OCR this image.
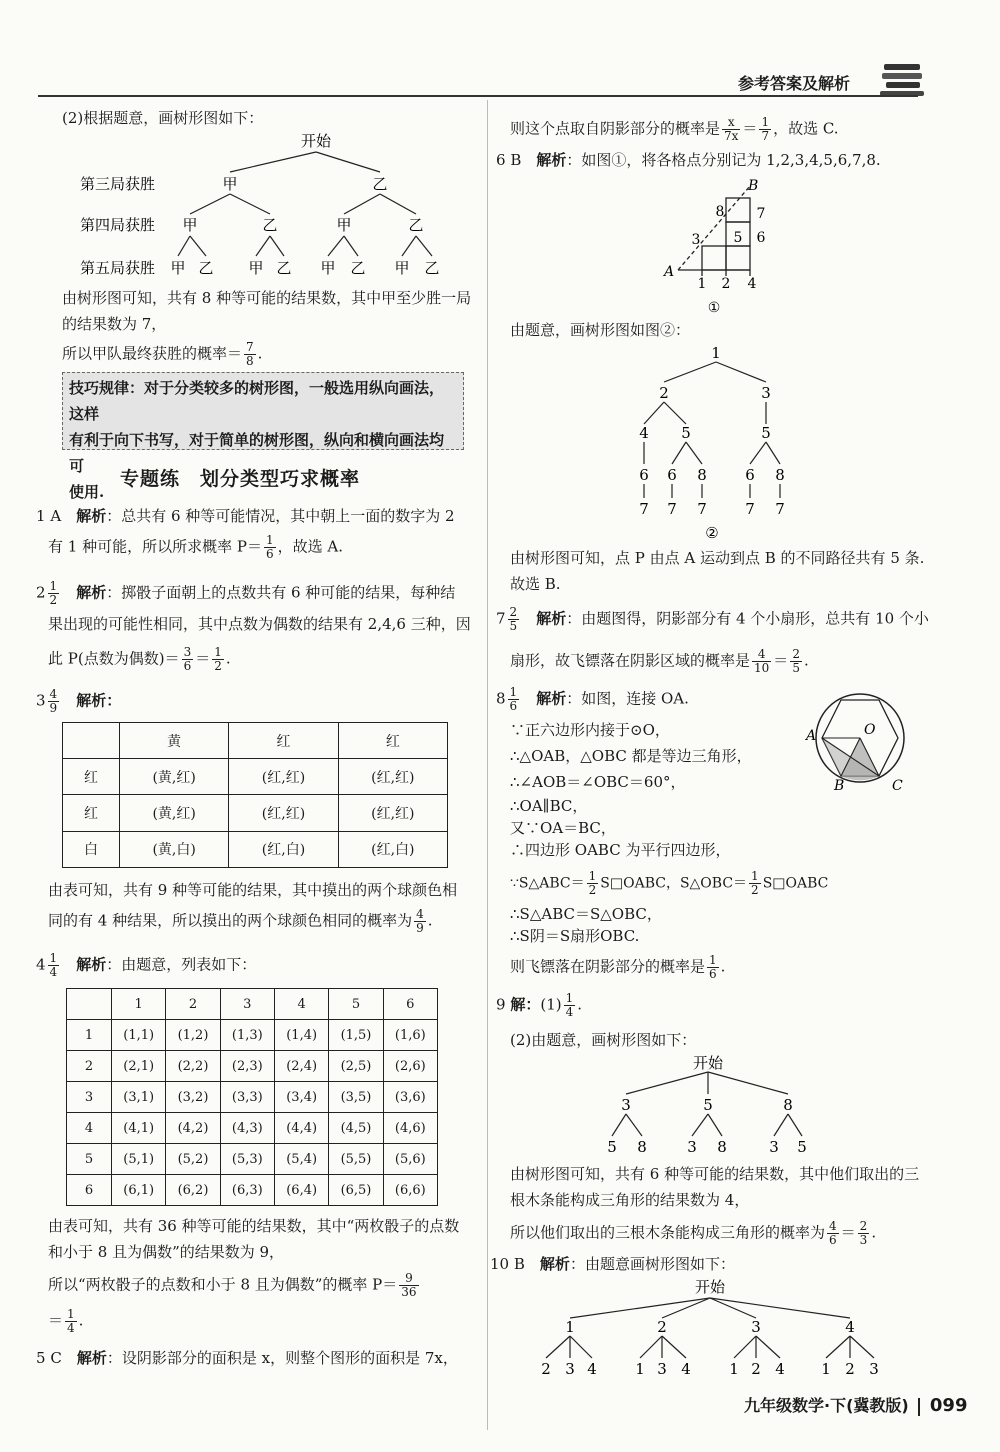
参考答案及解析
(2)根据题意，画树形图如下：
开始
第三局获胜
第四局获胜
第五局获胜
甲	乙
甲	乙	甲	乙
甲 乙 甲 乙 甲 乙 甲 乙
由树形图可知，共有 8 种等可能的结果数，其中甲至少胜一局
的结果数为 7，
所以甲队最终获胜的概率＝ $\frac{7}{8}$ .
技巧规律：对于分类较多的树形图，一般选用纵向画法，这样
有利于向下书写，对于简单的树形图，纵向和横向画法均可
使用.
专题练　划分类型巧求概率
1 A　 解析：总共有 6 种等可能情况，其中朝上一面的数字为 2
有 1 种可能，所以所求概率 $P= \frac{1}{6}$ ，故选 A.
$2 \frac{1}{2}$
　 解析：掷骰子面朝上的点数共有 6 种可能的结果，每种结
果出现的可能性相同，其中点数为偶数的结果有 2,4,6 三种，因
此 P(点数为偶数)＝ $\frac{3}{6} = \frac{1}{2}$ .
$3 \frac{4}{9}$
　 解析：
	黄	红	红
红	(黄,红)	(红,红)	(红,红)
红	(黄,红)	(红,红)	(红,红)
白	(黄,白)	(红,白)	(红,白)
由表可知，共有 9 种等可能的结果，其中摸出的两个球颜色相
同的有 4 种结果，所以摸出的两个球颜色相同的概率为 $\frac{4}{9}$ .
$4 \frac{1}{4}$
　 解析：由题意，列表如下：
	1	2	3	4	5	6
1	(1,1)	(1,2)	(1,3)	(1,4)	(1,5)	(1,6)
2	(2,1)	(2,2)	(2,3)	(2,4)	(2,5)	(2,6)
3	(3,1)	(3,2)	(3,3)	(3,4)	(3,5)	(3,6)
4	(4,1)	(4,2)	(4,3)	(4,4)	(4,5)	(4,6)
5	(5,1)	(5,2)	(5,3)	(5,4)	(5,5)	(5,6)
6	(6,1)	(6,2)	(6,3)	(6,4)	(6,5)	(6,6)
由表可知，共有 36 种等可能的结果数，其中“两枚骰子的点数
和小于 8 且为偶数”的结果数为 9，
所以“两枚骰子的点数和小于 8 且为偶数”的概率 $P= \frac{9}{36}$
＝ $\frac{1}{4}$ .
5 C　 解析：设阴影部分的面积是 x，则整个图形的面积是 7x，
则这个点取自阴影部分的概率是 $\frac{x}{7x} = \frac{1}{7}$ ，故选 C.
6 B　 解析：如图①，将各格点分别记为 1,2,3,4,5,6,7,8.
A
B
1 2
3
4
5 6
7
8
①
由题意，画树形图如图②：
1
2	3
4 5	5
6 6 8	6 8
7 7 7	7 7
②
由树形图可知，点 P 由点 A 运动到点 B 的不同路径共有 5 条.
故选 B.
$7 \frac{2}{5}$
　 解析：由题图得，阴影部分有 4 个小扇形，总共有 10 个小
扇形，故飞镖落在阴影区域的概率是 $\frac{4}{10} = \frac{2}{5}$ .
$8 \frac{1}{6}$
　 解析：如图，连接 OA.
∵正六边形内接于⊙O，
∴△OAB，△OBC 都是等边三角形，
∴∠AOB＝∠OBC＝60°，
∴OA∥BC，
又∵OA＝BC，
∴四边形 OABC 为平行四边形，
∵S△ABC＝ $\frac{1}{2}$ S□OABC，S△OBC＝ $\frac{1}{2}$ S□OABC
∴S△ABC＝S△OBC，
∴S阴＝S扇形OBC.
则飞镖落在阴影部分的概率是 $\frac{1}{6}$ .
O
A
B	C
9 解：$(1) \frac{1}{4}$ .
(2)由题意，画树形图如下：
开始
3	5	8
5 8	3 8	3 5
由树形图可知，共有 6 种等可能的结果数，其中他们取出的三
根木条能构成三角形的结果数为 4，
所以他们取出的三根木条能构成三角形的概率为 $\frac{4}{6} = \frac{2}{3}$ .
10 B　 解析：由题意画树形图如下：
开始
1	2	3	4
2 3 4	1 3 4	1 2 4 1 2 3
九年级数学·下(冀教版) 099
